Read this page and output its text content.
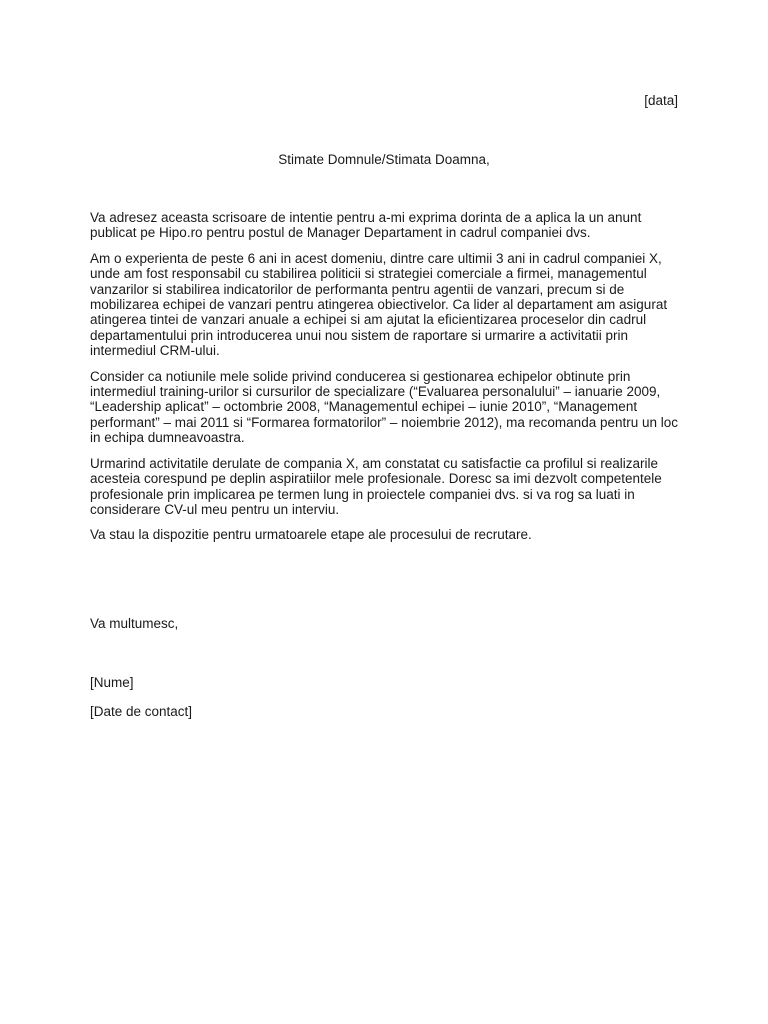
[data]
Stimate Domnule/Stimata Doamna,

Va adresez aceasta scrisoare de intentie pentru a-mi exprima dorinta de a aplica la un anunt publicat pe Hipo.ro pentru postul de Manager Departament in cadrul companiei dvs.

Am o experienta de peste 6 ani in acest domeniu, dintre care ultimii 3 ani in cadrul companiei X, unde am fost responsabil cu stabilirea politicii si strategiei comerciale a firmei, managementul vanzarilor si stabilirea indicatorilor de performanta pentru agentii de vanzari, precum si de mobilizarea echipei de vanzari pentru atingerea obiectivelor. Ca lider al departament am asigurat atingerea tintei de vanzari anuale a echipei si am ajutat la eficientizarea proceselor din cadrul departamentului prin introducerea unui nou sistem de raportare si urmarire a activitatii prin intermediul CRM-ului.

Consider ca notiunile mele solide privind conducerea si gestionarea echipelor obtinute prin intermediul training-urilor si cursurilor de specializare (“Evaluarea personalului” – ianuarie 2009, “Leadership aplicat” – octombrie 2008, “Managementul echipei – iunie 2010”, “Management performant” – mai 2011 si “Formarea formatorilor” – noiembrie 2012), ma recomanda pentru un loc in echipa dumneavoastra.

Urmarind activitatile derulate de compania X, am constatat cu satisfactie ca profilul si realizarile acesteia corespund pe deplin aspiratiilor mele profesionale. Doresc sa imi dezvolt competentele profesionale prin implicarea pe termen lung in proiectele companiei dvs. si va rog sa luati in considerare CV-ul meu pentru un interviu.

Va stau la dispozitie pentru urmatoarele etape ale procesului de recrutare.

Va multumesc,
[Nume]
[Date de contact]
